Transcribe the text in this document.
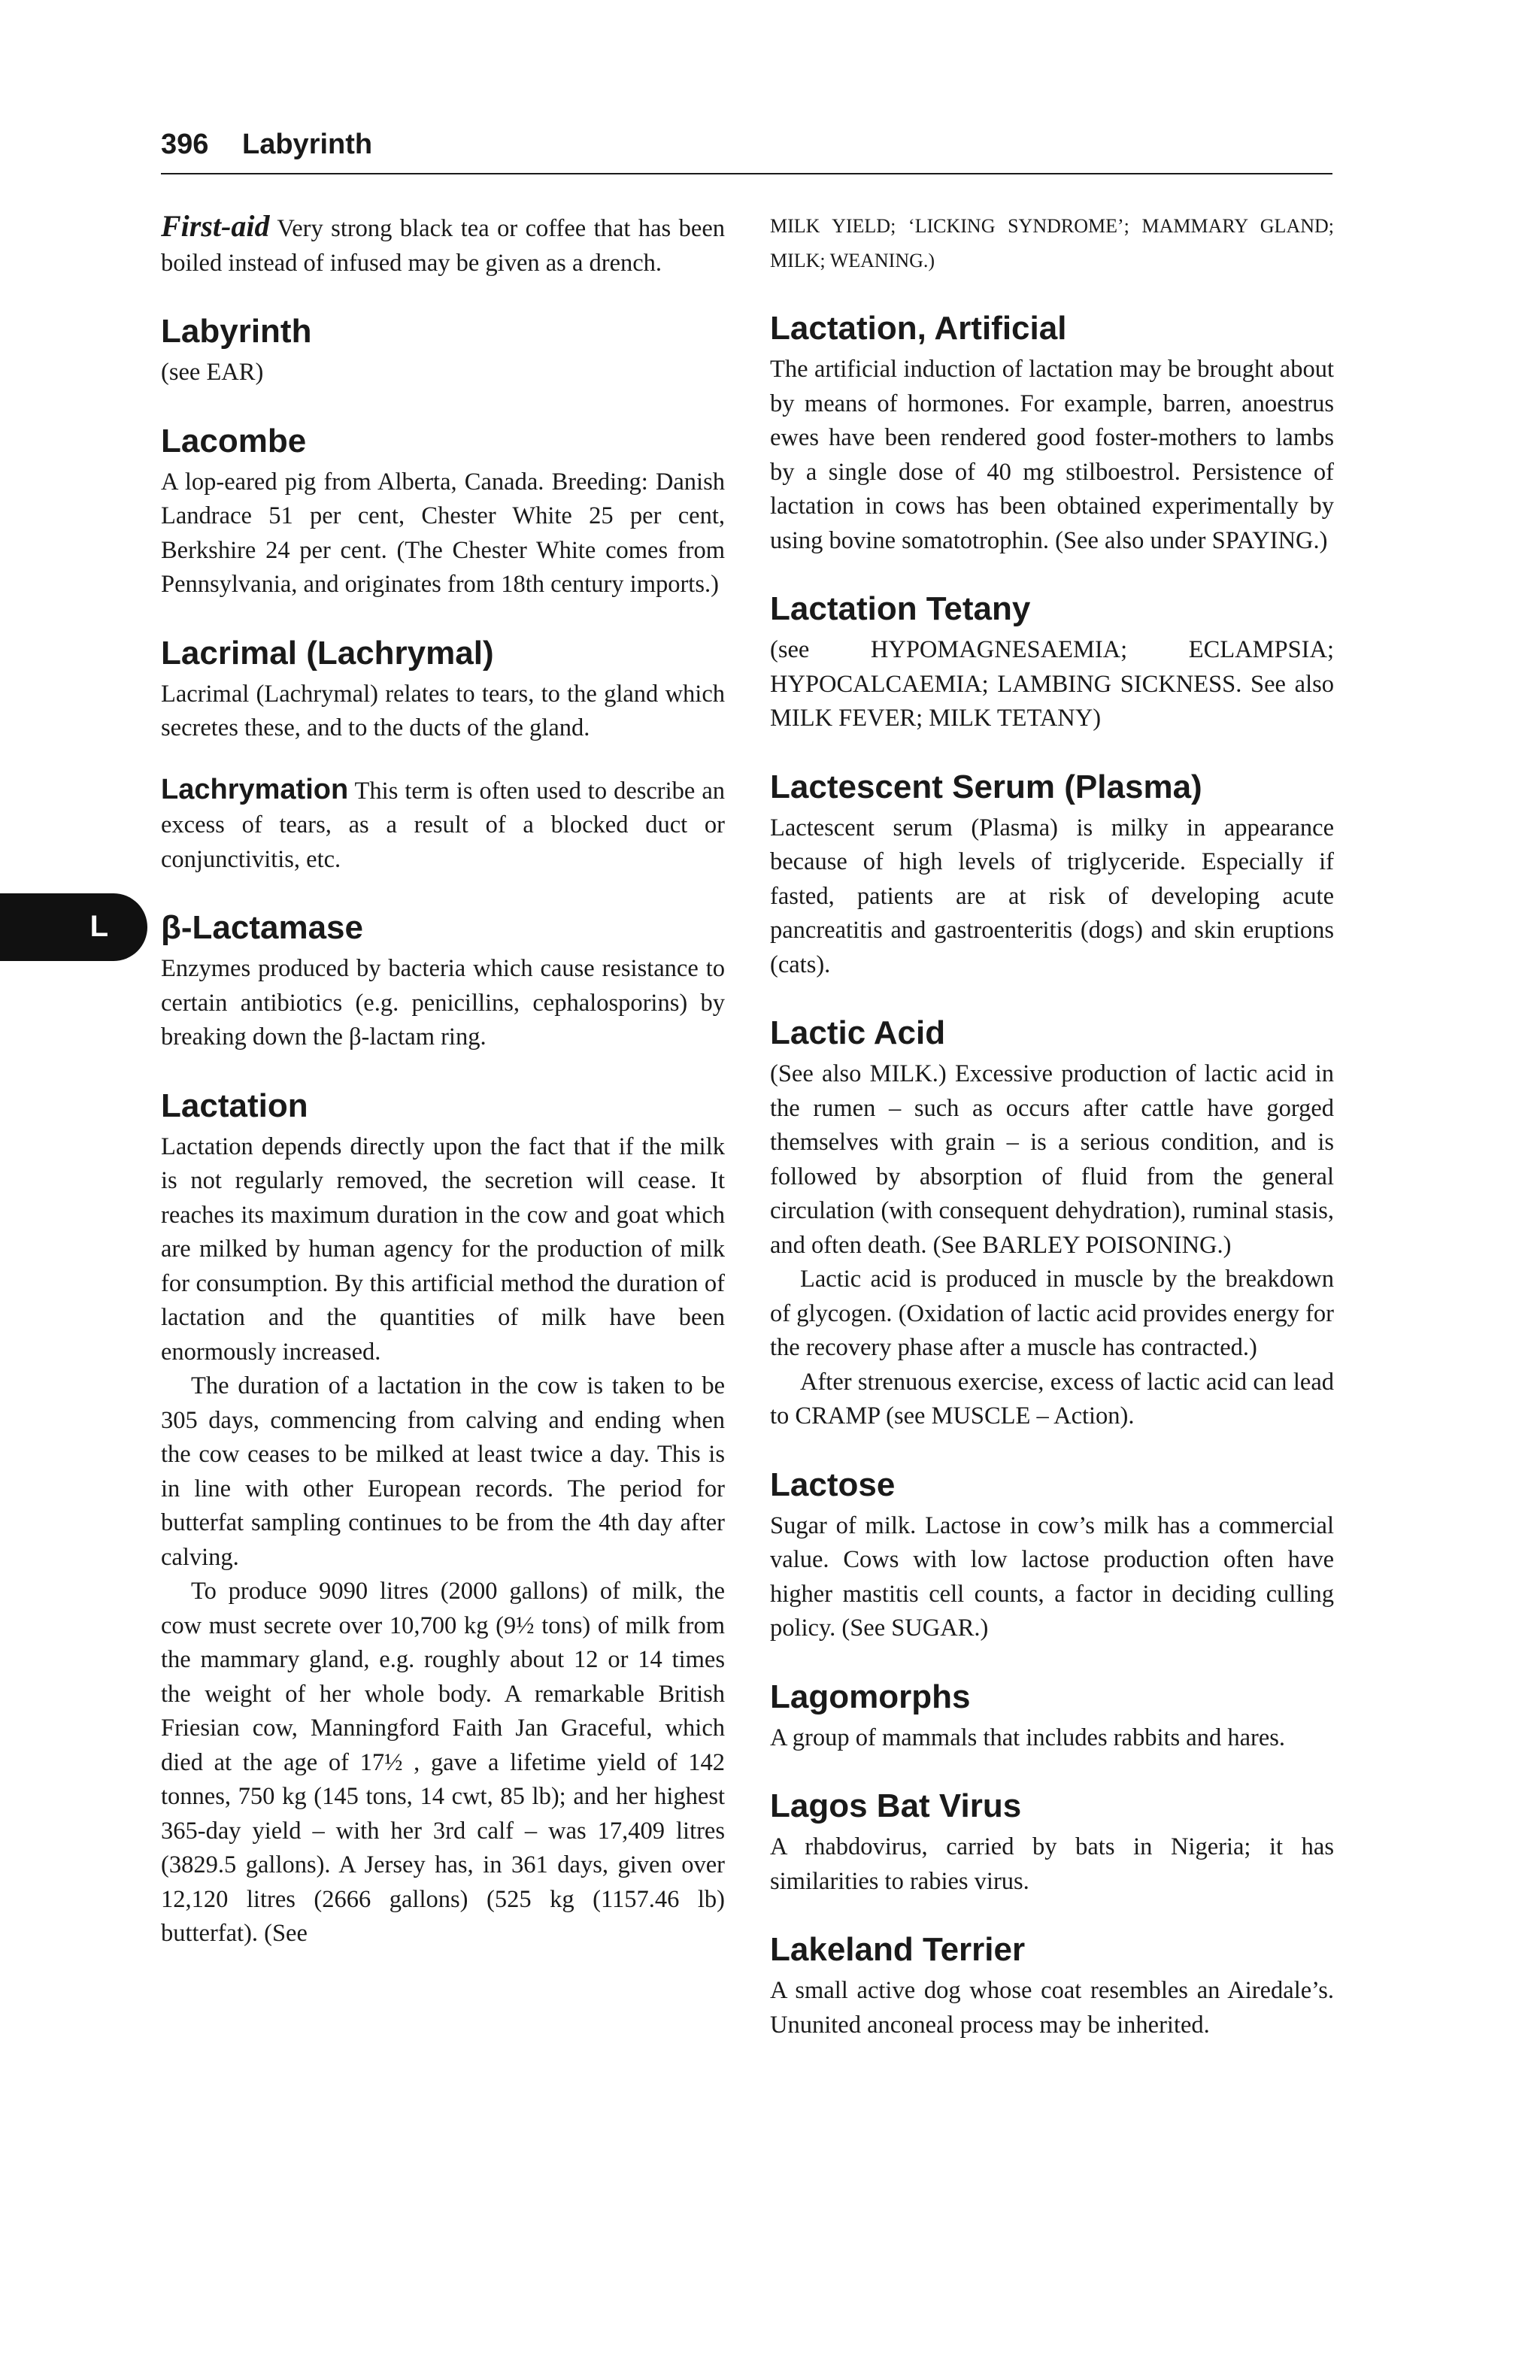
396 Labyrinth
L

First-aid Very strong black tea or coffee that has been boiled instead of infused may be given as a drench.

Labyrinth

(see EAR)

Lacombe

A lop-eared pig from Alberta, Canada. Breeding: Danish Landrace 51 per cent, Chester White 25 per cent, Berkshire 24 per cent. (The Chester White comes from Pennsylvania, and originates from 18th century imports.)

Lacrimal (Lachrymal)

Lacrimal (Lachrymal) relates to tears, to the gland which secretes these, and to the ducts of the gland.

Lachrymation This term is often used to describe an excess of tears, as a result of a blocked duct or conjunctivitis, etc.

β-Lactamase

Enzymes produced by bacteria which cause resistance to certain antibiotics (e.g. penicillins, cephalosporins) by breaking down the β-lactam ring.

Lactation

Lactation depends directly upon the fact that if the milk is not regularly removed, the secretion will cease. It reaches its maximum duration in the cow and goat which are milked by human agency for the production of milk for consumption. By this artificial method the duration of lactation and the quantities of milk have been enormously increased.

The duration of a lactation in the cow is taken to be 305 days, commencing from calving and ending when the cow ceases to be milked at least twice a day. This is in line with other European records. The period for butterfat sampling continues to be from the 4th day after calving.

To produce 9090 litres (2000 gallons) of milk, the cow must secrete over 10,700 kg (9½ tons) of milk from the mammary gland, e.g. roughly about 12 or 14 times the weight of her whole body. A remarkable British Friesian cow, Manningford Faith Jan Graceful, which died at the age of 17½ , gave a lifetime yield of 142 tonnes, 750 kg (145 tons, 14 cwt, 85 lb); and her highest 365-day yield – with her 3rd calf – was 17,409 litres (3829.5 gallons). A Jersey has, in 361 days, given over 12,120 litres (2666 gallons) (525 kg (1157.46 lb) butterfat). (See

MILK YIELD; ‘LICKING SYNDROME’; MAMMARY GLAND; MILK; WEANING.)

Lactation, Artificial

The artificial induction of lactation may be brought about by means of hormones. For example, barren, anoestrus ewes have been rendered good foster-mothers to lambs by a single dose of 40 mg stilboestrol. Persistence of lactation in cows has been obtained experimentally by using bovine somatotrophin. (See also under SPAYING.)

Lactation Tetany

(see HYPOMAGNESAEMIA; ECLAMPSIA; HYPOCALCAEMIA; LAMBING SICKNESS. See also MILK FEVER; MILK TETANY)

Lactescent Serum (Plasma)

Lactescent serum (Plasma) is milky in appearance because of high levels of triglyceride. Especially if fasted, patients are at risk of developing acute pancreatitis and gastroenteritis (dogs) and skin eruptions (cats).

Lactic Acid

(See also MILK.) Excessive production of lactic acid in the rumen – such as occurs after cattle have gorged themselves with grain – is a serious condition, and is followed by absorption of fluid from the general circulation (with consequent dehydration), ruminal stasis, and often death. (See BARLEY POISONING.)

Lactic acid is produced in muscle by the breakdown of glycogen. (Oxidation of lactic acid provides energy for the recovery phase after a muscle has contracted.)

After strenuous exercise, excess of lactic acid can lead to CRAMP (see MUSCLE – Action).

Lactose

Sugar of milk. Lactose in cow’s milk has a commercial value. Cows with low lactose production often have higher mastitis cell counts, a factor in deciding culling policy. (See SUGAR.)

Lagomorphs

A group of mammals that includes rabbits and hares.

Lagos Bat Virus

A rhabdovirus, carried by bats in Nigeria; it has similarities to rabies virus.

Lakeland Terrier

A small active dog whose coat resembles an Airedale’s. Ununited anconeal process may be inherited.
